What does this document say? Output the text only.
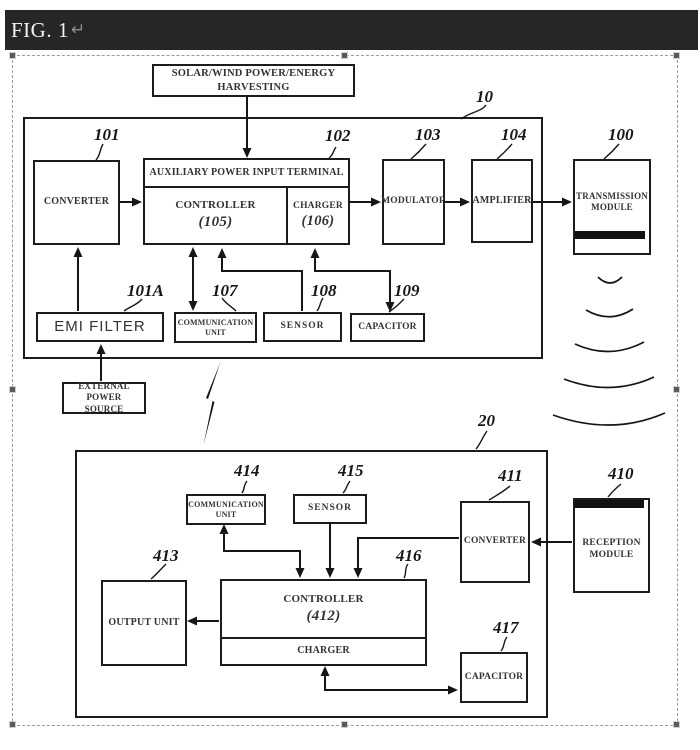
FIG. 1 ↵
10
SOLAR/WIND POWER/ENERGY HARVESTING
CONVERTER
101
AUXILIARY POWER INPUT TERMINAL
CONTROLLER
(105)
CHARGER
(106)
102
MODULATOR
103
AMPLIFIER
104
TRANSMISSION MODULE
100
EMI FILTER
101A
COMMUNICATION UNIT
107
SENSOR
108
CAPACITOR
109
EXTERNAL POWER SOURCE
20
COMMUNICATION UNIT
414
SENSOR
415
CONVERTER
411
RECEPTION MODULE
410
OUTPUT UNIT
413
CONTROLLER
(412)
CHARGER
416
CAPACITOR
417
